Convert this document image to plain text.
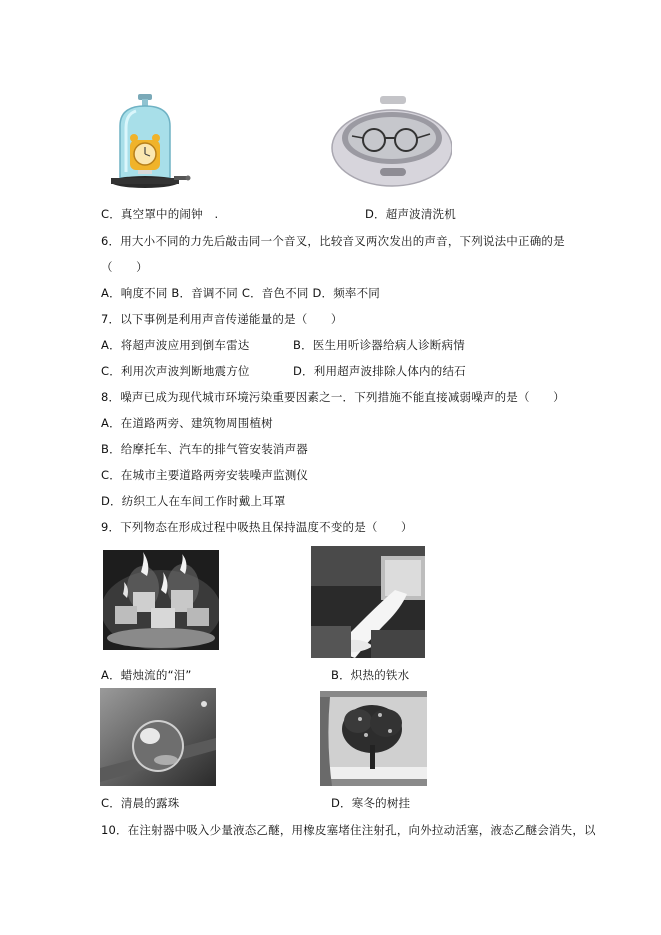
C．真空罩中的闹钟　.	D．超声波清洗机
6．用大小不同的力先后敲击同一个音叉，比较音叉两次发出的声音，下列说法中正确的是
（　　）
A．响度不同 B．音调不同 C．音色不同 D．频率不同
7．以下事例是利用声音传递能量的是（　　）
A．将超声波应用到倒车雷达	B．医生用听诊器给病人诊断病情
C．利用次声波判断地震方位	D．利用超声波排除人体内的结石
8．噪声已成为现代城市环境污染重要因素之一．下列措施不能直接减弱噪声的是（　　）
A．在道路两旁、建筑物周围植树
B．给摩托车、汽车的排气管安装消声器
C．在城市主要道路两旁安装噪声监测仪
D．纺织工人在车间工作时戴上耳罩
9．下列物态在形成过程中吸热且保持温度不变的是（　　）
A．蜡烛流的“泪”	B．炽热的铁水
C．清晨的露珠	D．寒冬的树挂
10．在注射器中吸入少量液态乙醚，用橡皮塞堵住注射孔，向外拉动活塞，液态乙醚会消失，以
